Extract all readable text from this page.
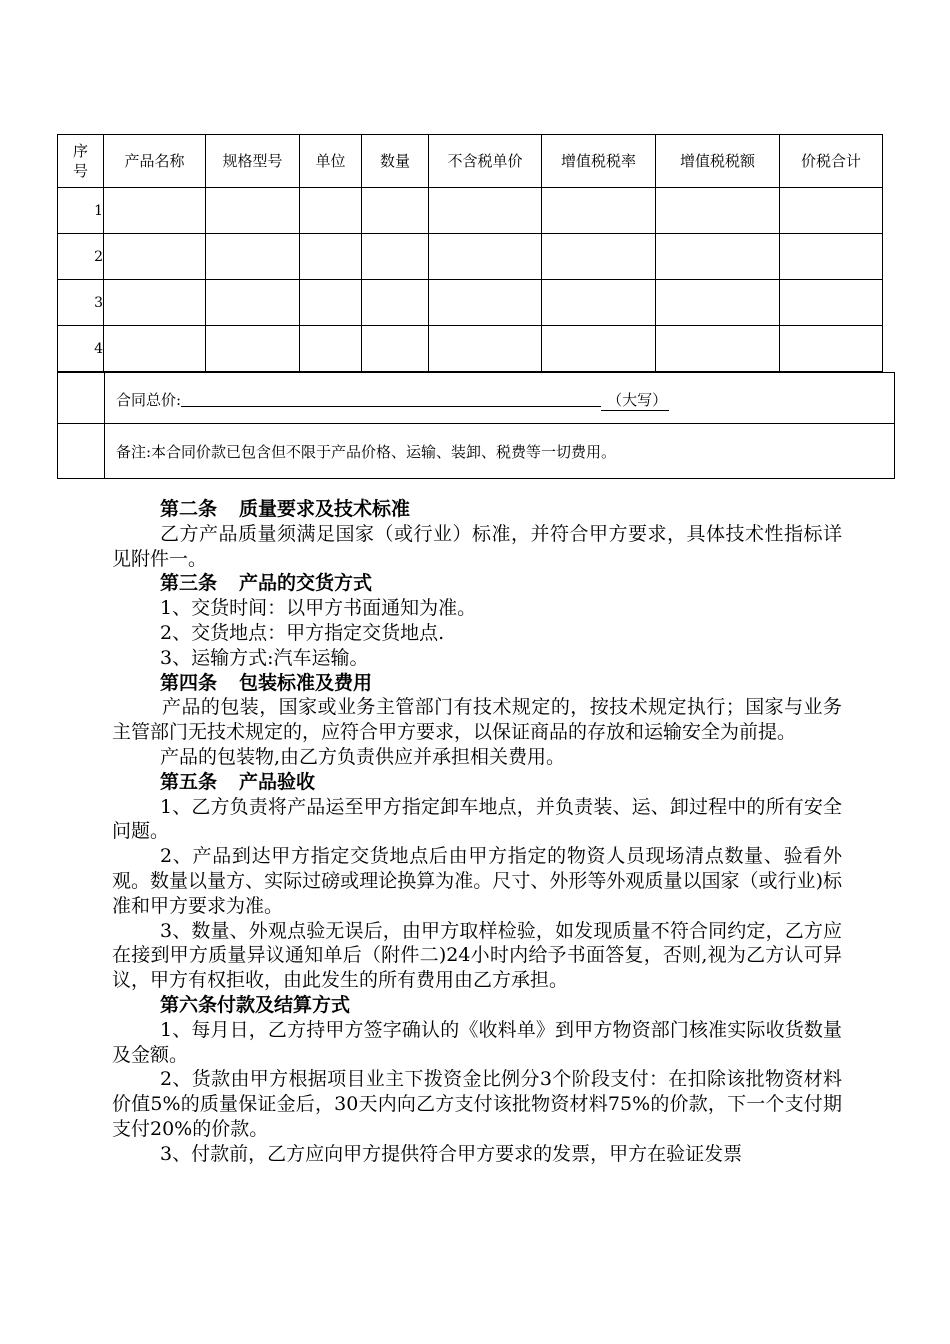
序号	产品名称	规格型号	单位	数量	不含税单价	增值税税率	增值税税额	价税合计
1								
2								
3								
4								
合同总价:	（大写）
备注:本合同价款已包含但不限于产品价格、运输、装卸、税费等一切费用。

第二条 质量要求及技术标准

乙方产品质量须满足国家（或行业）标准，并符合甲方要求，具体技术性指标详见附件一。

第三条 产品的交货方式

1、交货时间：以甲方书面通知为准。

2、交货地点：甲方指定交货地点.

3、运输方式:汽车运输。

第四条 包装标准及费用

产品的包装，国家或业务主管部门有技术规定的，按技术规定执行；国家与业务主管部门无技术规定的，应符合甲方要求，以保证商品的存放和运输安全为前提。

产品的包装物,由乙方负责供应并承担相关费用。

第五条 产品验收

1、乙方负责将产品运至甲方指定卸车地点，并负责装、运、卸过程中的所有安全问题。

2、产品到达甲方指定交货地点后由甲方指定的物资人员现场清点数量、验看外观。数量以量方、实际过磅或理论换算为准。尺寸、外形等外观质量以国家（或行业)标准和甲方要求为准。

3、数量、外观点验无误后，由甲方取样检验，如发现质量不符合同约定，乙方应在接到甲方质量异议通知单后（附件二)24小时内给予书面答复，否则,视为乙方认可异议，甲方有权拒收，由此发生的所有费用由乙方承担。

第六条付款及结算方式

1、每月日，乙方持甲方签字确认的《收料单》到甲方物资部门核准实际收货数量及金额。

2、货款由甲方根据项目业主下拨资金比例分3个阶段支付：在扣除该批物资材料价值5%的质量保证金后，30天内向乙方支付该批物资材料75%的价款，下一个支付期支付20%的价款。

3、付款前，乙方应向甲方提供符合甲方要求的发票，甲方在验证发票
